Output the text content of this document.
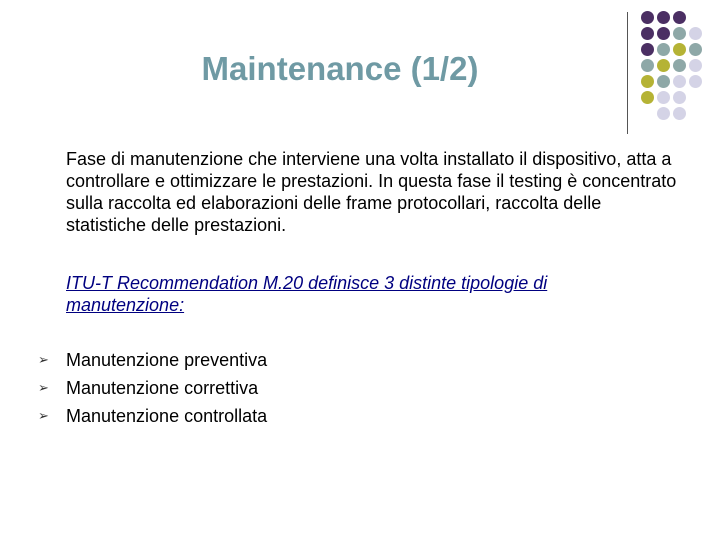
Maintenance (1/2)
Fase di manutenzione che interviene una volta installato il dispositivo, atta a controllare e ottimizzare le prestazioni. In questa fase il testing è concentrato sulla raccolta ed elaborazioni delle frame protocollari, raccolta delle statistiche delle prestazioni.
ITU-T Recommendation M.20 definisce 3 distinte tipologie di manutenzione:
➢ Manutenzione preventiva
➢ Manutenzione correttiva
➢ Manutenzione controllata
